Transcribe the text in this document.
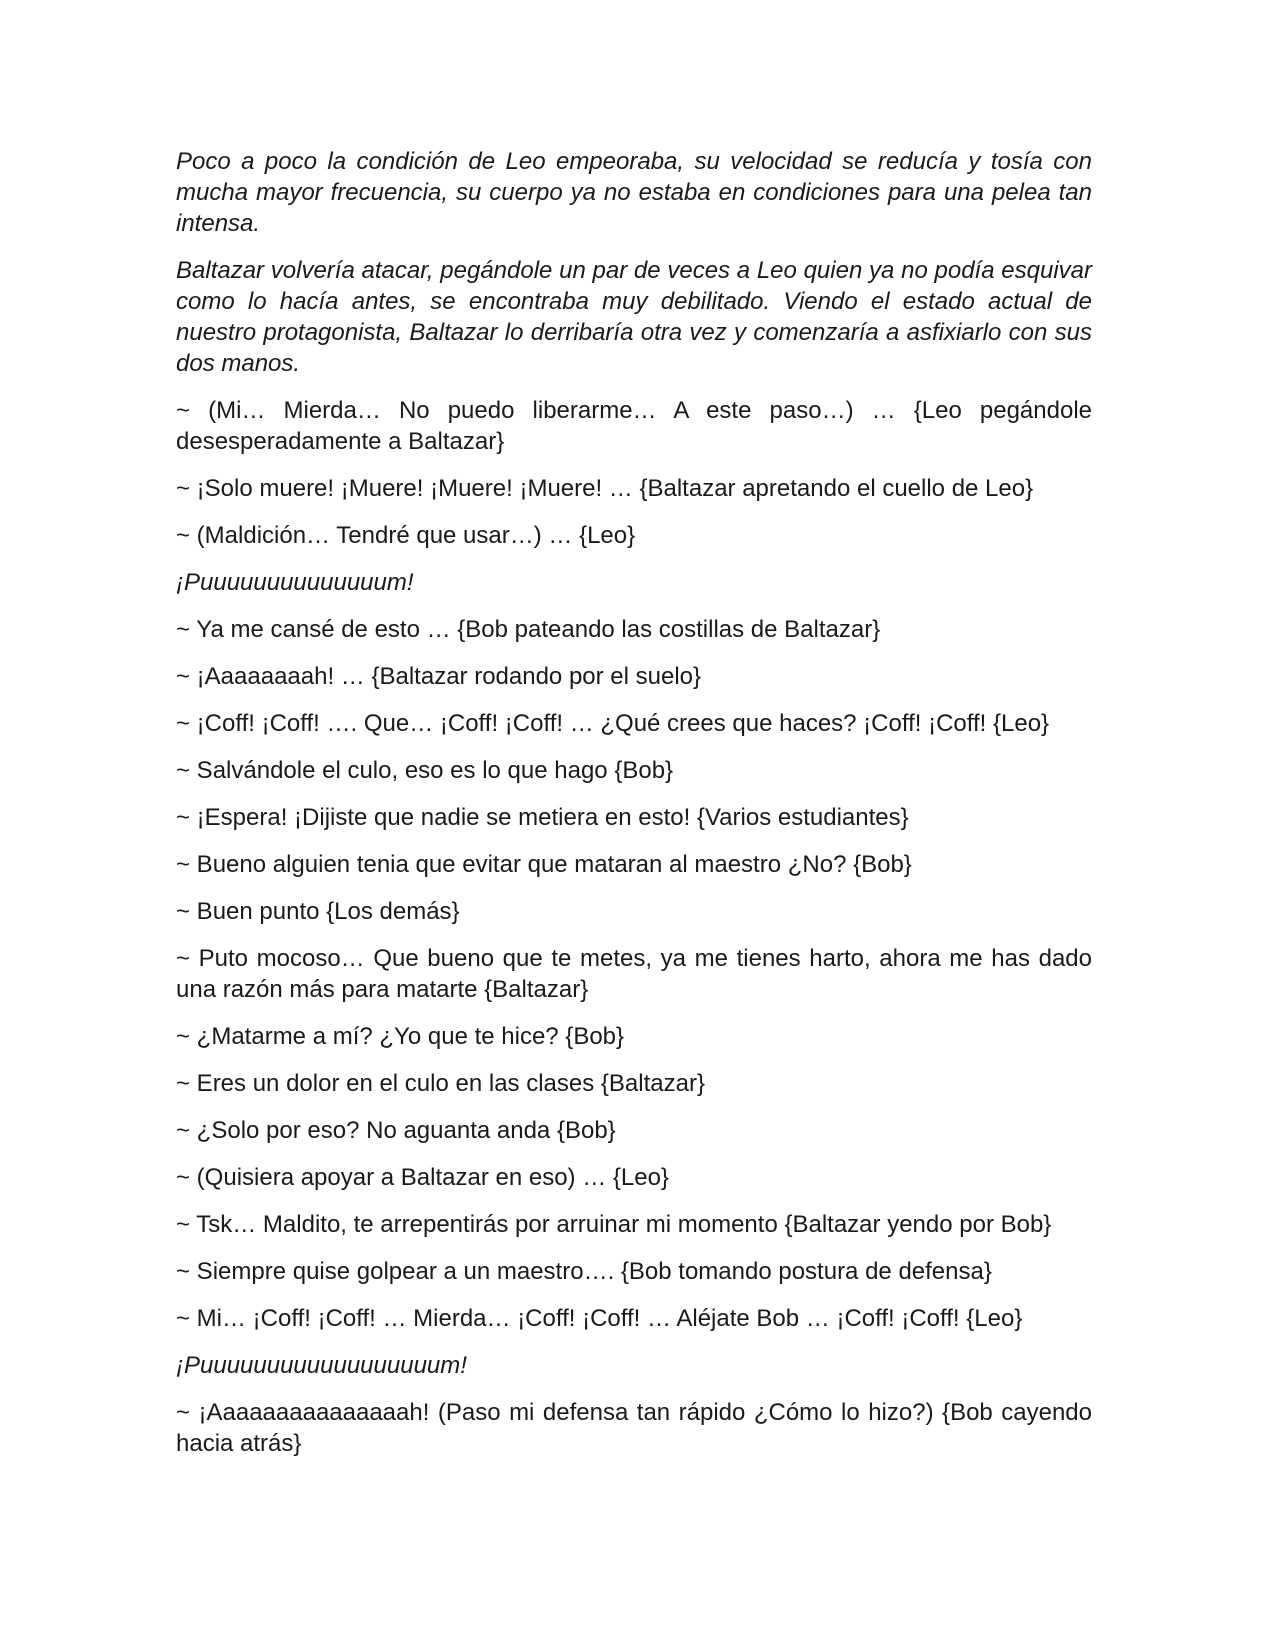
Poco a poco la condición de Leo empeoraba, su velocidad se reducía y tosía con mucha mayor frecuencia, su cuerpo ya no estaba en condiciones para una pelea tan intensa.

Baltazar volvería atacar, pegándole un par de veces a Leo quien ya no podía esquivar como lo hacía antes, se encontraba muy debilitado. Viendo el estado actual de nuestro protagonista, Baltazar lo derribaría otra vez y comenzaría a asfixiarlo con sus dos manos.

~ (Mi… Mierda… No puedo liberarme… A este paso…) … {Leo pegándole desesperadamente a Baltazar}

~ ¡Solo muere! ¡Muere! ¡Muere! ¡Muere! … {Baltazar apretando el cuello de Leo}

~ (Maldición… Tendré que usar…) … {Leo}

¡Puuuuuuuuuuuuuum!

~ Ya me cansé de esto … {Bob pateando las costillas de Baltazar}

~ ¡Aaaaaaaah! … {Baltazar rodando por el suelo}

~ ¡Coff! ¡Coff! …. Que… ¡Coff! ¡Coff! … ¿Qué crees que haces? ¡Coff! ¡Coff! {Leo}

~ Salvándole el culo, eso es lo que hago {Bob}

~ ¡Espera! ¡Dijiste que nadie se metiera en esto! {Varios estudiantes}

~ Bueno alguien tenia que evitar que mataran al maestro ¿No? {Bob}

~ Buen punto {Los demás}

~ Puto mocoso… Que bueno que te metes, ya me tienes harto, ahora me has dado una razón más para matarte {Baltazar}

~ ¿Matarme a mí? ¿Yo que te hice? {Bob}

~ Eres un dolor en el culo en las clases {Baltazar}

~ ¿Solo por eso? No aguanta anda {Bob}

~ (Quisiera apoyar a Baltazar en eso) … {Leo}

~ Tsk… Maldito, te arrepentirás por arruinar mi momento {Baltazar yendo por Bob}

~ Siempre quise golpear a un maestro…. {Bob tomando postura de defensa}

~ Mi… ¡Coff! ¡Coff! … Mierda… ¡Coff! ¡Coff! … Aléjate Bob … ¡Coff! ¡Coff! {Leo}

¡Puuuuuuuuuuuuuuuuuum!

~ ¡Aaaaaaaaaaaaaaah! (Paso mi defensa tan rápido ¿Cómo lo hizo?) {Bob cayendo hacia atrás}
